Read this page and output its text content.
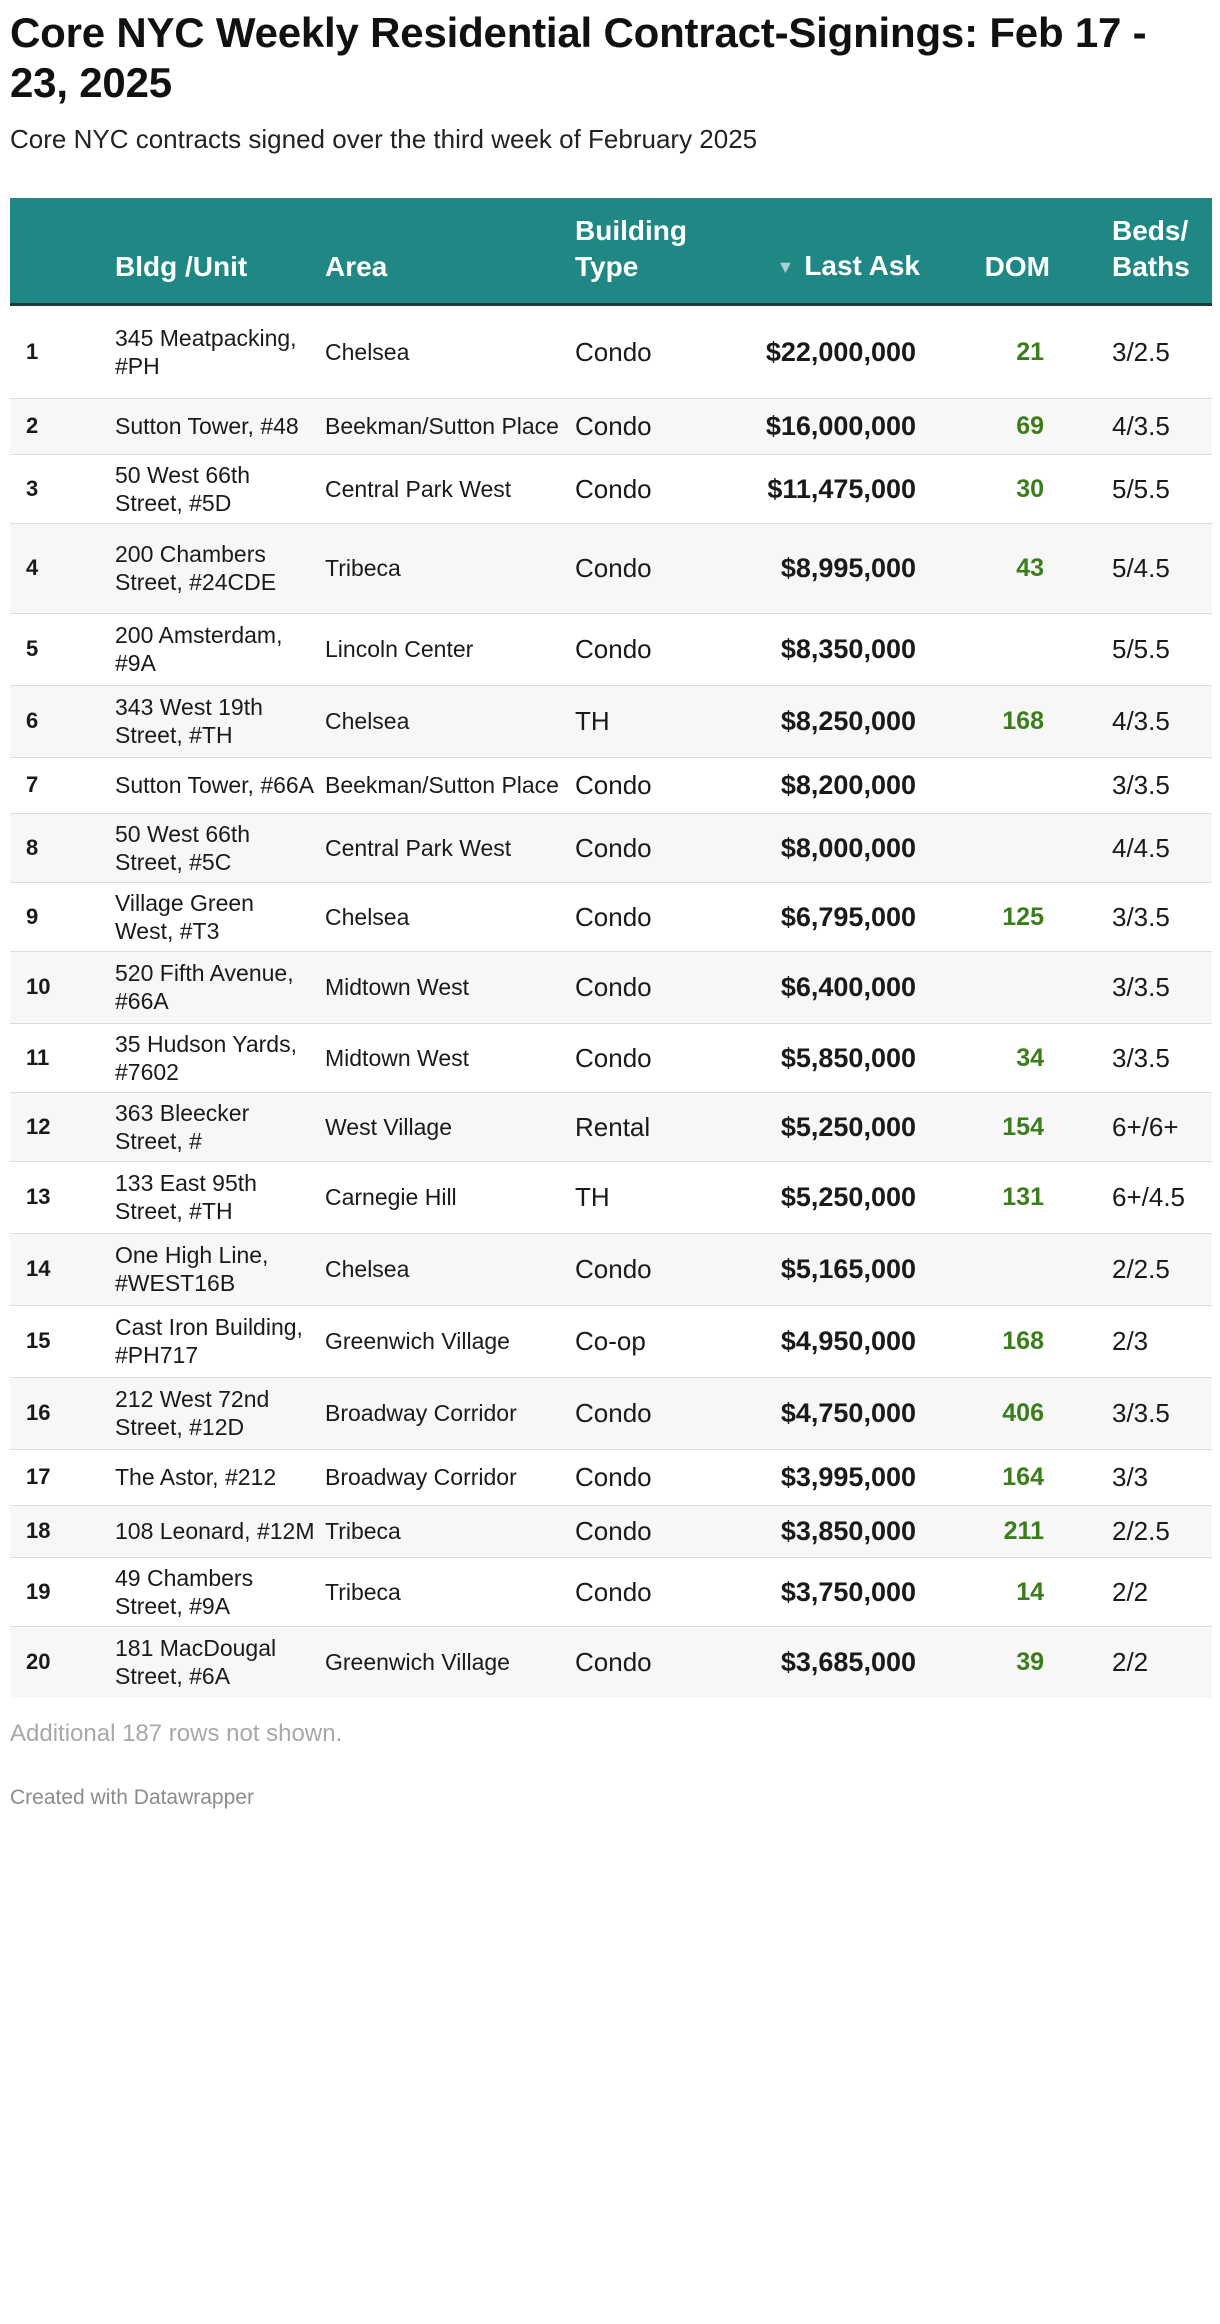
Core NYC Weekly Residential Contract-Signings: Feb 17 - 23, 2025
Core NYC contracts signed over the third week of February 2025
	Bldg /Unit	Area	Building Type	▼ Last Ask	DOM	Beds/ Baths
1	345 Meatpacking, #PH	Chelsea	Condo	$22,000,000	21	3/2.5
2	Sutton Tower, #48	Beekman/Sutton Place	Condo	$16,000,000	69	4/3.5
3	50 West 66th Street, #5D	Central Park West	Condo	$11,475,000	30	5/5.5
4	200 Chambers Street, #24CDE	Tribeca	Condo	$8,995,000	43	5/4.5
5	200 Amsterdam, #9A	Lincoln Center	Condo	$8,350,000		5/5.5
6	343 West 19th Street, #TH	Chelsea	TH	$8,250,000	168	4/3.5
7	Sutton Tower, #66A	Beekman/Sutton Place	Condo	$8,200,000		3/3.5
8	50 West 66th Street, #5C	Central Park West	Condo	$8,000,000		4/4.5
9	Village Green West, #T3	Chelsea	Condo	$6,795,000	125	3/3.5
10	520 Fifth Avenue, #66A	Midtown West	Condo	$6,400,000		3/3.5
11	35 Hudson Yards, #7602	Midtown West	Condo	$5,850,000	34	3/3.5
12	363 Bleecker Street, #	West Village	Rental	$5,250,000	154	6+/6+
13	133 East 95th Street, #TH	Carnegie Hill	TH	$5,250,000	131	6+/4.5
14	One High Line, #WEST16B	Chelsea	Condo	$5,165,000		2/2.5
15	Cast Iron Building, #PH717	Greenwich Village	Co-op	$4,950,000	168	2/3
16	212 West 72nd Street, #12D	Broadway Corridor	Condo	$4,750,000	406	3/3.5
17	The Astor, #212	Broadway Corridor	Condo	$3,995,000	164	3/3
18	108 Leonard, #12M	Tribeca	Condo	$3,850,000	211	2/2.5
19	49 Chambers Street, #9A	Tribeca	Condo	$3,750,000	14	2/2
20	181 MacDougal Street, #6A	Greenwich Village	Condo	$3,685,000	39	2/2
Additional 187 rows not shown.
Created with Datawrapper
